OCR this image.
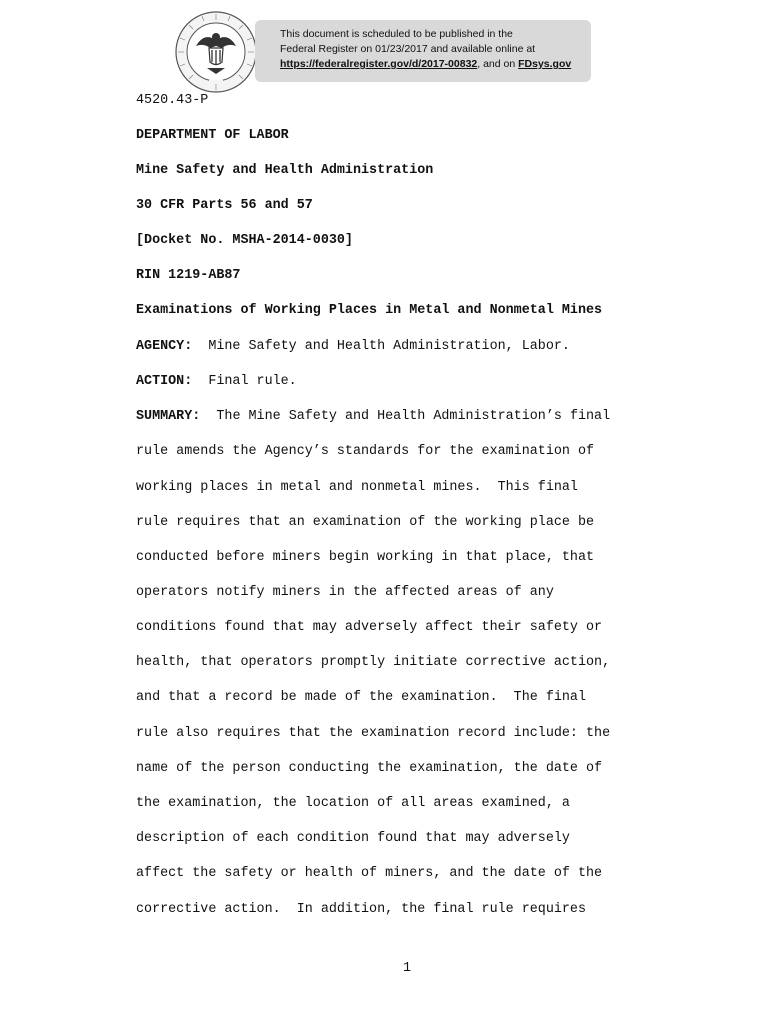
This document is scheduled to be published in the
Federal Register on 01/23/2017 and available online at
https://federalregister.gov/d/2017-00832, and on FDsys.gov
4520.43-P
DEPARTMENT OF LABOR
Mine Safety and Health Administration
30 CFR Parts 56 and 57
[Docket No. MSHA-2014-0030]
RIN 1219-AB87
Examinations of Working Places in Metal and Nonmetal Mines
AGENCY:  Mine Safety and Health Administration, Labor.
ACTION:  Final rule.
SUMMARY:  The Mine Safety and Health Administration’s final
rule amends the Agency’s standards for the examination of
working places in metal and nonmetal mines.  This final
rule requires that an examination of the working place be
conducted before miners begin working in that place, that
operators notify miners in the affected areas of any
conditions found that may adversely affect their safety or
health, that operators promptly initiate corrective action,
and that a record be made of the examination.  The final
rule also requires that the examination record include: the
name of the person conducting the examination, the date of
the examination, the location of all areas examined, a
description of each condition found that may adversely
affect the safety or health of miners, and the date of the
corrective action.  In addition, the final rule requires
1
